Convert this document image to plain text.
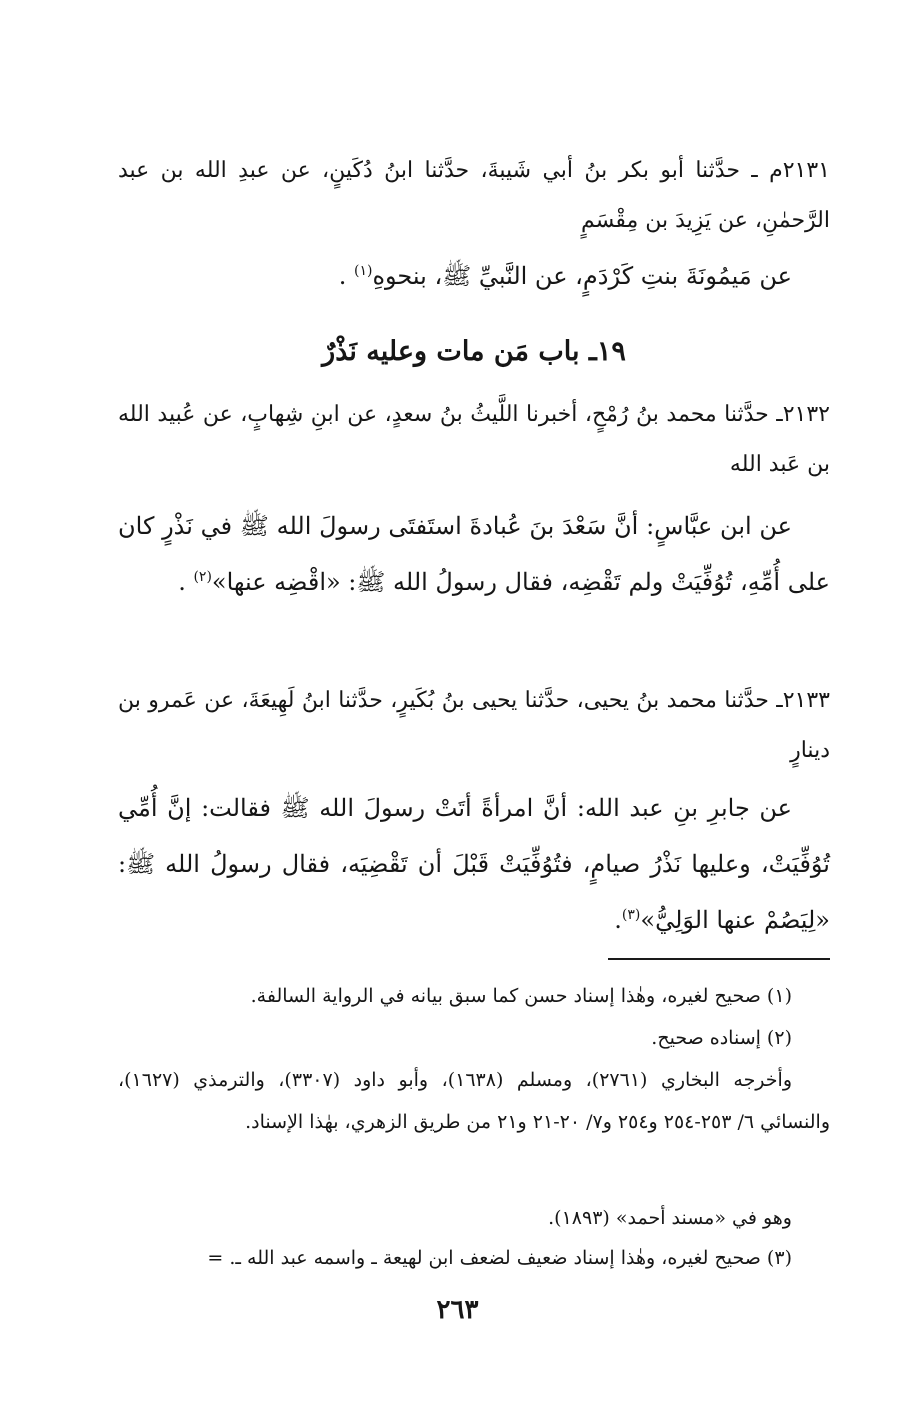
٢١٣١م ـ حدَّثنا أبو بكر بنُ أبي شَيبةَ، حدَّثنا ابنُ دُكَينٍ، عن عبدِ الله بن عبد الرَّحمٰنِ، عن يَزِيدَ بن مِقْسَمٍ

عن مَيمُونَةَ بنتِ كَرْدَمٍ، عن النَّبيِّ ﷺ، بنحوهِ$^{(١)}$ .

١٩ـ باب مَن مات وعليه نَذْرٌ

٢١٣٢ـ حدَّثنا محمد بنُ رُمْحٍ، أخبرنا اللَّيثُ بنُ سعدٍ، عن ابنِ شِهابٍ، عن عُبيد الله بن عَبد الله

عن ابن عبَّاسٍ: أنَّ سَعْدَ بنَ عُبادةَ استَفتَى رسولَ الله ﷺ في نَذْرٍ كان على أُمِّهِ، تُوُفِّيَتْ ولم تَقْضِه، فقال رسولُ الله ﷺ: «اقْضِه عنها»$^{(٢)}$ .

٢١٣٣ـ حدَّثنا محمد بنُ يحيى، حدَّثنا يحيى بنُ بُكَيرٍ، حدَّثنا ابنُ لَهِيعَةَ، عن عَمرو بن دينارٍ

عن جابرِ بنِ عبد الله: أنَّ امرأةً أتَتْ رسولَ الله ﷺ فقالت: إنَّ أُمِّي تُوُفِّيَتْ، وعليها نَذْرُ صيامٍ، فتُوُفِّيَتْ قَبْلَ أن تَقْضِيَه، فقال رسولُ الله ﷺ: «لِيَصُمْ عنها الوَلِيُّ»$^{(٣)}$.

(١) صحيح لغيره، وهٰذا إسناد حسن كما سبق بيانه في الرواية السالفة.

(٢) إسناده صحيح.

وأخرجه البخاري (٢٧٦١)، ومسلم (١٦٣٨)، وأبو داود (٣٣٠٧)، والترمذي (١٦٢٧)، والنسائي ٦/ ٢٥٣-٢٥٤ و٢٥٤ و٧/ ٢٠-٢١ و٢١ من طريق الزهري، بهٰذا الإسناد.

وهو في «مسند أحمد» (١٨٩٣).

(٣) صحيح لغيره، وهٰذا إسناد ضعيف لضعف ابن لهيعة ـ واسمه عبد الله ـ. =

٢٦٣
